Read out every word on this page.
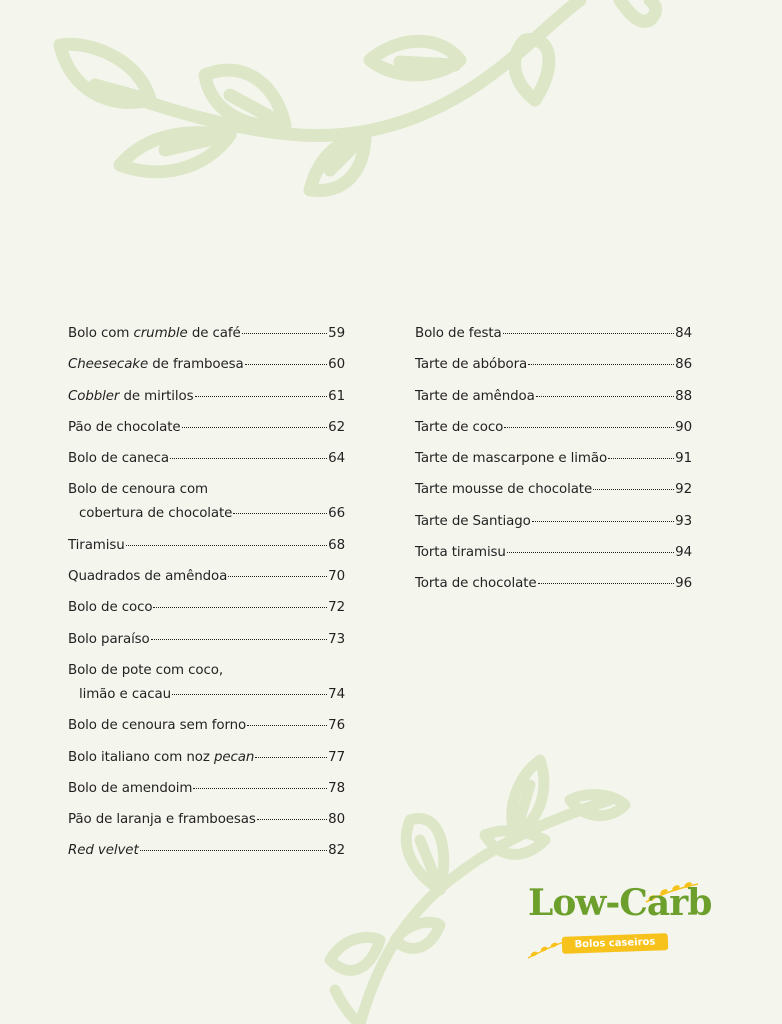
Bolo com crumble de café	59
Cheesecake de framboesa	60
Cobbler de mirtilos	61
Pão de chocolate	62
Bolo de caneca	64
Bolo de cenoura com
cobertura de chocolate	66
Tiramisu	68
Quadrados de amêndoa	70
Bolo de coco	72
Bolo paraíso	73
Bolo de pote com coco,
limão e cacau	74
Bolo de cenoura sem forno	76
Bolo italiano com noz pecan	77
Bolo de amendoim	78
Pão de laranja e framboesas	80
Red velvet	82
Bolo de festa	84
Tarte de abóbora	86
Tarte de amêndoa	88
Tarte de coco	90
Tarte de mascarpone e limão	91
Tarte mousse de chocolate	92
Tarte de Santiago	93
Torta tiramisu	94
Torta de chocolate	96
Low-Carb
Bolos caseiros
